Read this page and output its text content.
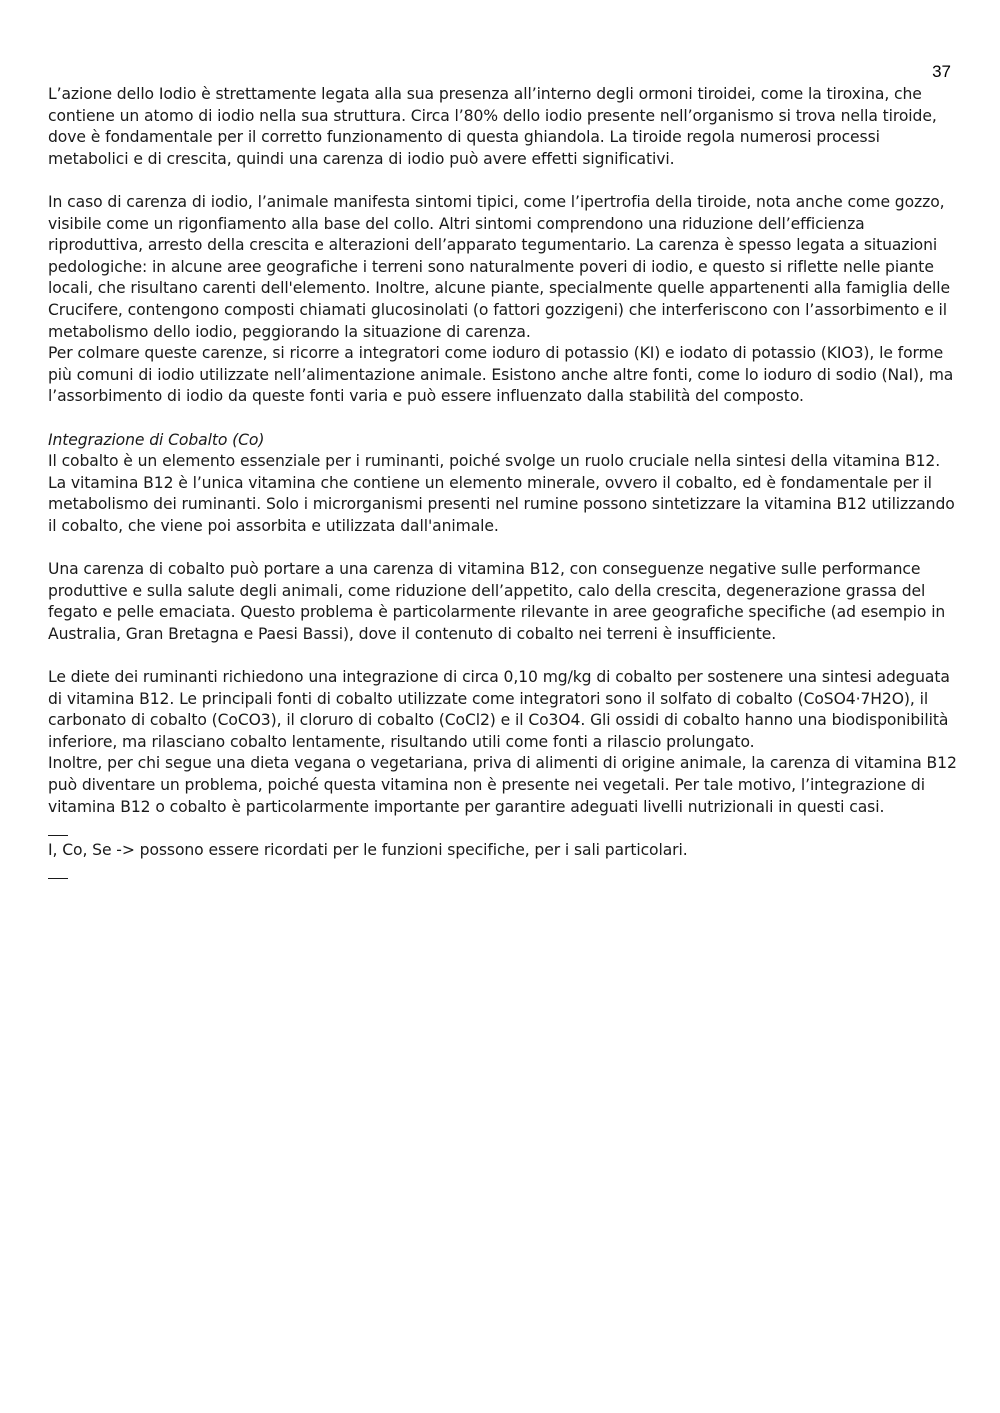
37

L’azione dello Iodio è strettamente legata alla sua presenza all’interno degli ormoni tiroidei, come la tiroxina, che contiene un atomo di iodio nella sua struttura. Circa l’80% dello iodio presente nell’organismo si trova nella tiroide, dove è fondamentale per il corretto funzionamento di questa ghiandola. La tiroide regola numerosi processi metabolici e di crescita, quindi una carenza di iodio può avere effetti significativi.

In caso di carenza di iodio, l’animale manifesta sintomi tipici, come l’ipertrofia della tiroide, nota anche come gozzo, visibile come un rigonfiamento alla base del collo. Altri sintomi comprendono una riduzione dell’efficienza riproduttiva, arresto della crescita e alterazioni dell’apparato tegumentario. La carenza è spesso legata a situazioni pedologiche: in alcune aree geografiche i terreni sono naturalmente poveri di iodio, e questo si riflette nelle piante locali, che risultano carenti dell'elemento. Inoltre, alcune piante, specialmente quelle appartenenti alla famiglia delle Crucifere, contengono composti chiamati glucosinolati (o fattori gozzigeni) che interferiscono con l’assorbimento e il metabolismo dello iodio, peggiorando la situazione di carenza.

Per colmare queste carenze, si ricorre a integratori come ioduro di potassio (KI) e iodato di potassio (KIO3), le forme più comuni di iodio utilizzate nell’alimentazione animale. Esistono anche altre fonti, come lo ioduro di sodio (NaI), ma l’assorbimento di iodio da queste fonti varia e può essere influenzato dalla stabilità del composto.

Integrazione di Cobalto (Co)

Il cobalto è un elemento essenziale per i ruminanti, poiché svolge un ruolo cruciale nella sintesi della vitamina B12. La vitamina B12 è l’unica vitamina che contiene un elemento minerale, ovvero il cobalto, ed è fondamentale per il metabolismo dei ruminanti. Solo i microrganismi presenti nel rumine possono sintetizzare la vitamina B12 utilizzando il cobalto, che viene poi assorbita e utilizzata dall'animale.

Una carenza di cobalto può portare a una carenza di vitamina B12, con conseguenze negative sulle performance produttive e sulla salute degli animali, come riduzione dell’appetito, calo della crescita, degenerazione grassa del fegato e pelle emaciata. Questo problema è particolarmente rilevante in aree geografiche specifiche (ad esempio in Australia, Gran Bretagna e Paesi Bassi), dove il contenuto di cobalto nei terreni è insufficiente.

Le diete dei ruminanti richiedono una integrazione di circa 0,10 mg/kg di cobalto per sostenere una sintesi adeguata di vitamina B12. Le principali fonti di cobalto utilizzate come integratori sono il solfato di cobalto (CoSO4·7H2O), il carbonato di cobalto (CoCO3), il cloruro di cobalto (CoCl2) e il Co3O4. Gli ossidi di cobalto hanno una biodisponibilità inferiore, ma rilasciano cobalto lentamente, risultando utili come fonti a rilascio prolungato.

Inoltre, per chi segue una dieta vegana o vegetariana, priva di alimenti di origine animale, la carenza di vitamina B12 può diventare un problema, poiché questa vitamina non è presente nei vegetali. Per tale motivo, l’integrazione di vitamina B12 o cobalto è particolarmente importante per garantire adeguati livelli nutrizionali in questi casi.

I, Co, Se -> possono essere ricordati per le funzioni specifiche, per i sali particolari.
